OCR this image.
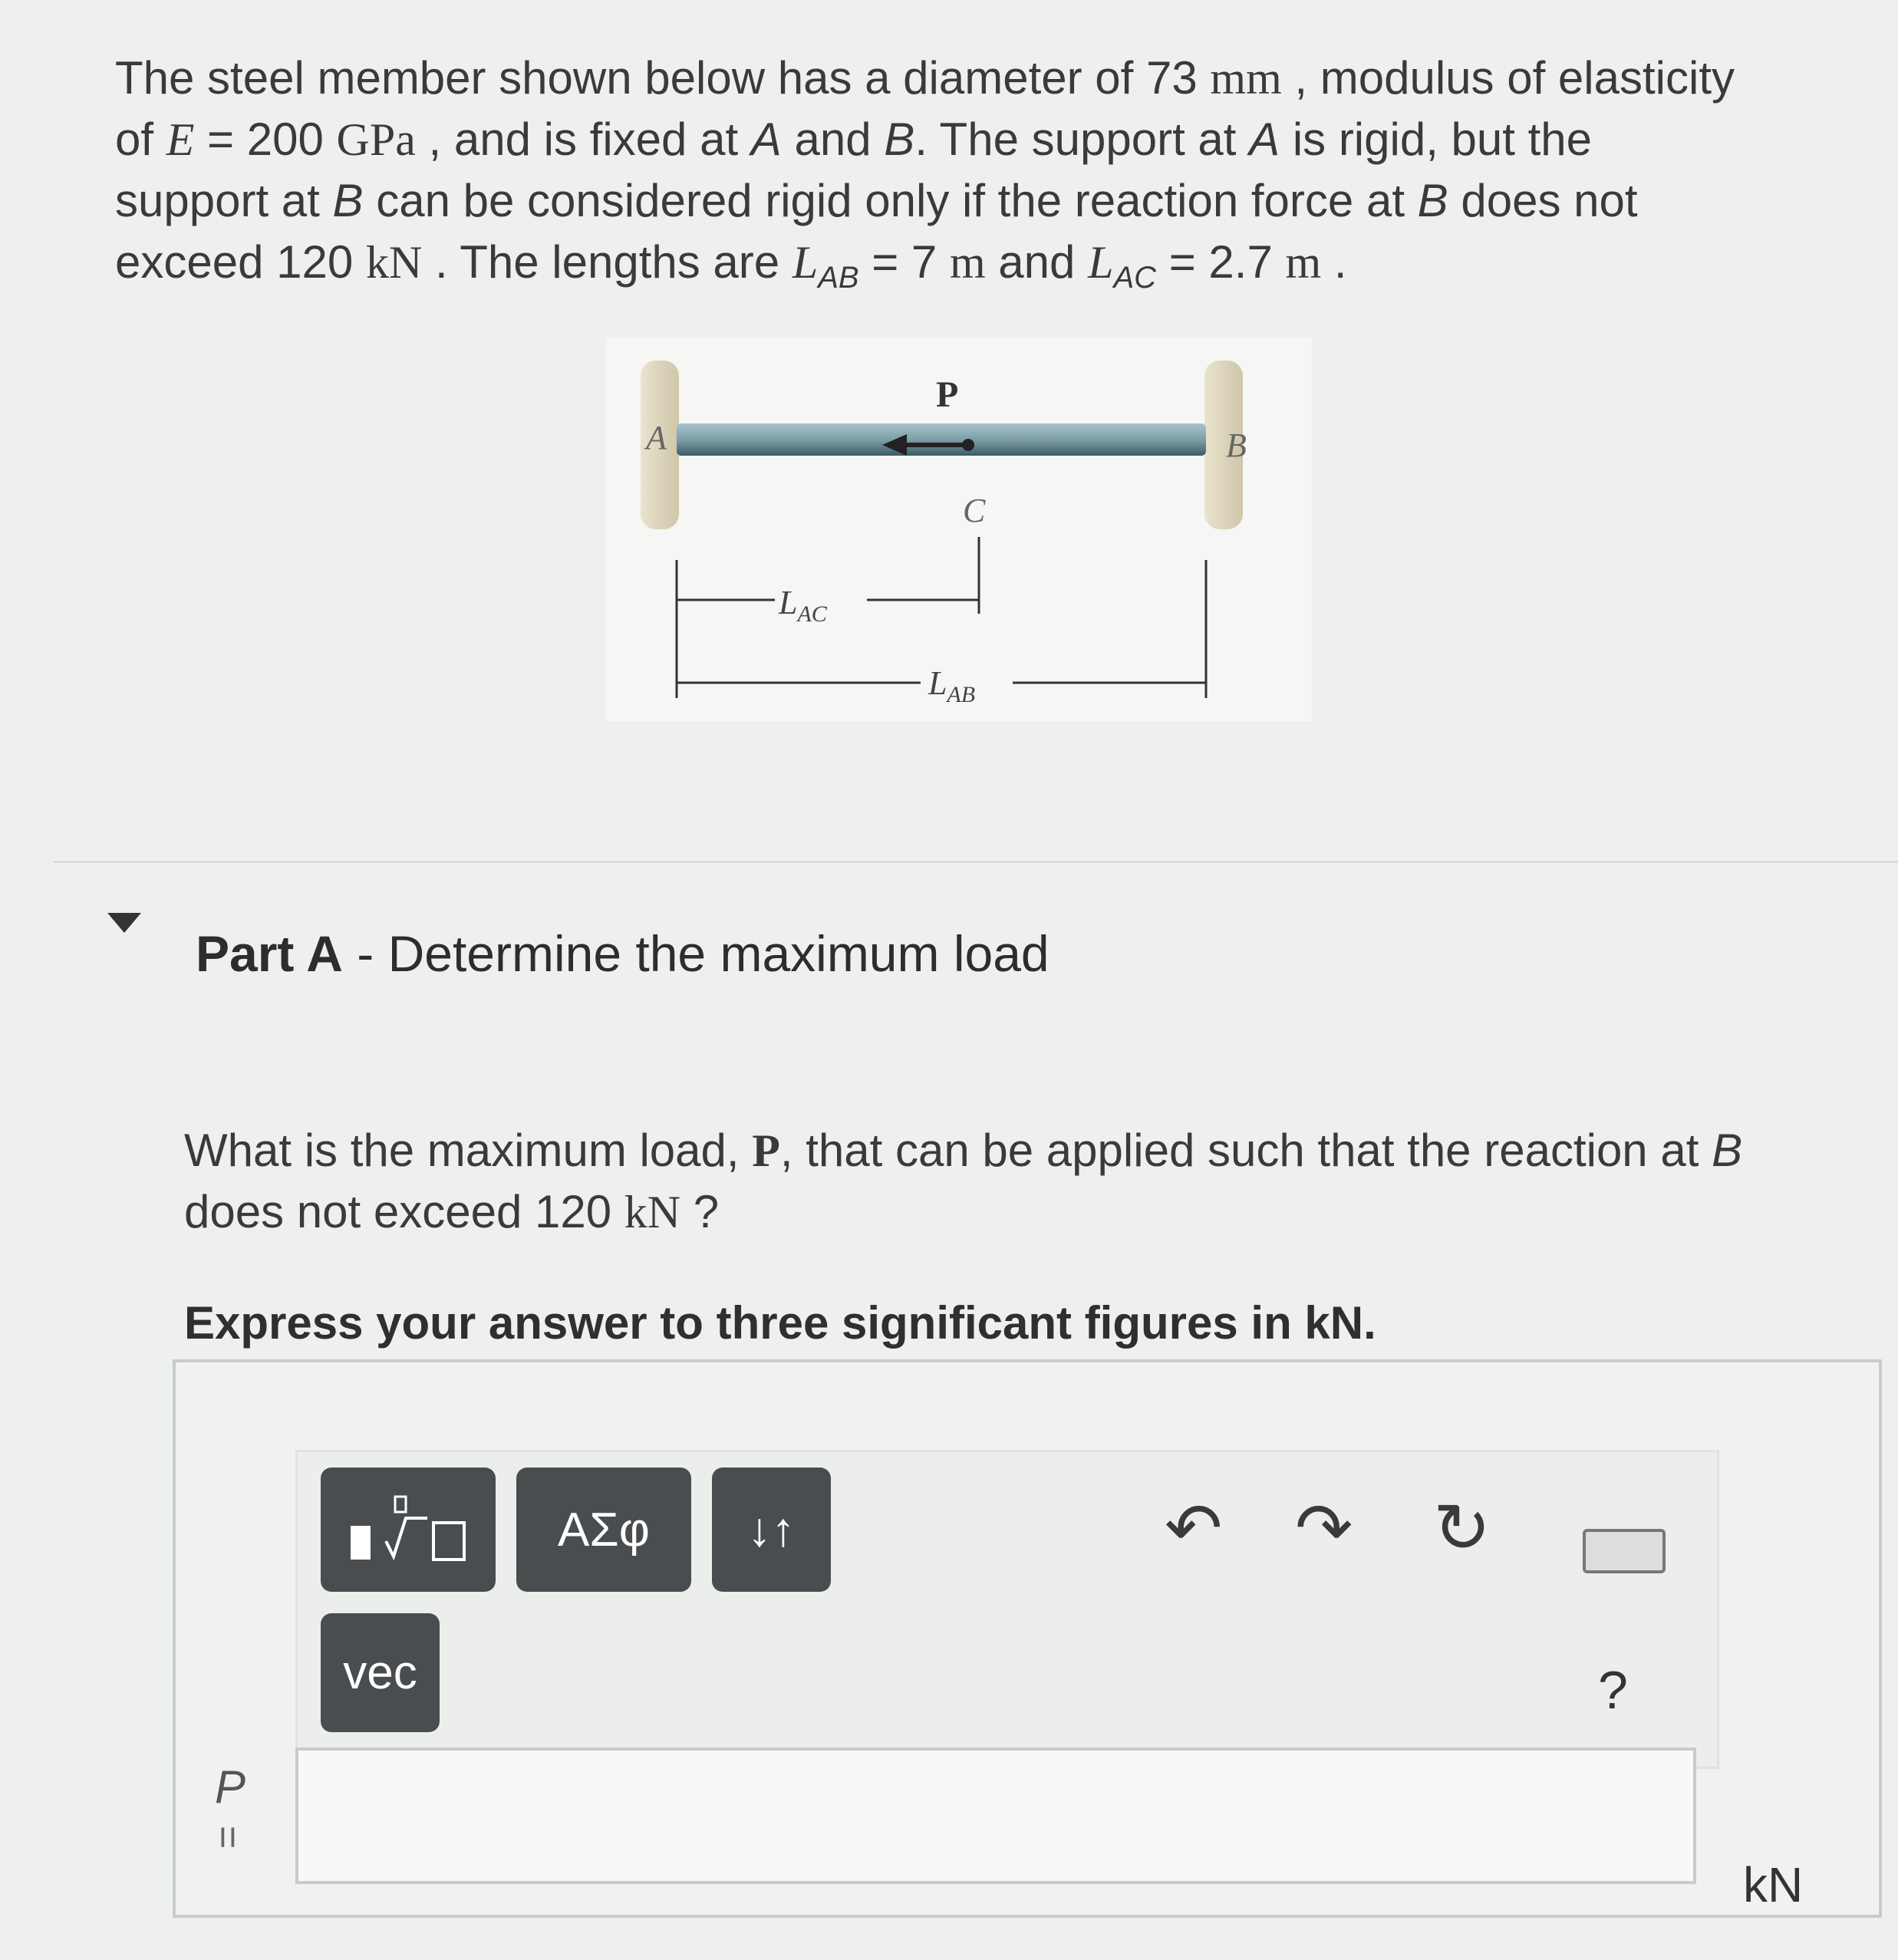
The steel member shown below has a diameter of 73 mm , modulus of elasticity
of E = 200 GPa , and is fixed at A and B. The support at A is rigid, but the
support at B can be considered rigid only if the reaction force at B does not
exceed 120 kN . The lengths are $L_{AB} = 7$ m and $L_{AC} = 2.7$ m .
A	B
P
C
$L_{AC}$
$L_{AB}$
Part A - Determine the maximum load
What is the maximum load, P, that can be applied such that the reaction at B
does not exceed 120 kN ?
Express your answer to three significant figures in kN.
ΑΣφ	↓↑
vec
↶ ↷ ↻
?
P
=
kN
